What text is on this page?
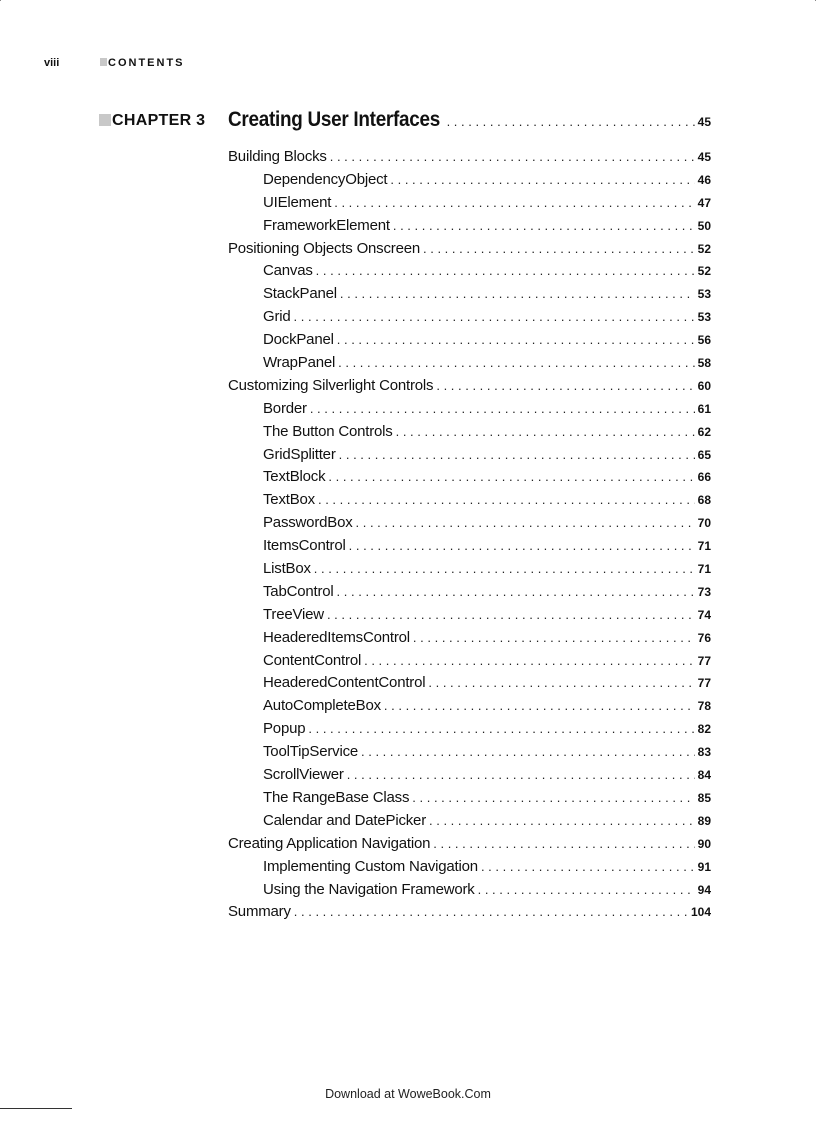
viii	CONTENTS
CHAPTER 3 Creating User Interfaces . . .	45
Building Blocks . . .	45
DependencyObject . . .	46
UIElement . . .	47
FrameworkElement . . .	50
Positioning Objects Onscreen . . .	52
Canvas . . .	52
StackPanel . . .	53
Grid . . .	53
DockPanel . . .	56
WrapPanel . . .	58
Customizing Silverlight Controls . . .	60
Border . . .	61
The Button Controls . . .	62
GridSplitter . . .	65
TextBlock . . .	66
TextBox . . .	68
PasswordBox . . .	70
ItemsControl . . .	71
ListBox . . .	71
TabControl . . .	73
TreeView . . .	74
HeaderedItemsControl . . .	76
ContentControl . . .	77
HeaderedContentControl . . .	77
AutoCompleteBox . . .	78
Popup . . .	82
ToolTipService . . .	83
ScrollViewer . . .	84
The RangeBase Class . . .	85
Calendar and DatePicker . . .	89
Creating Application Navigation . . .	90
Implementing Custom Navigation . . .	91
Using the Navigation Framework . . .	94
Summary . . .	104
Download at WoweBook.Com
